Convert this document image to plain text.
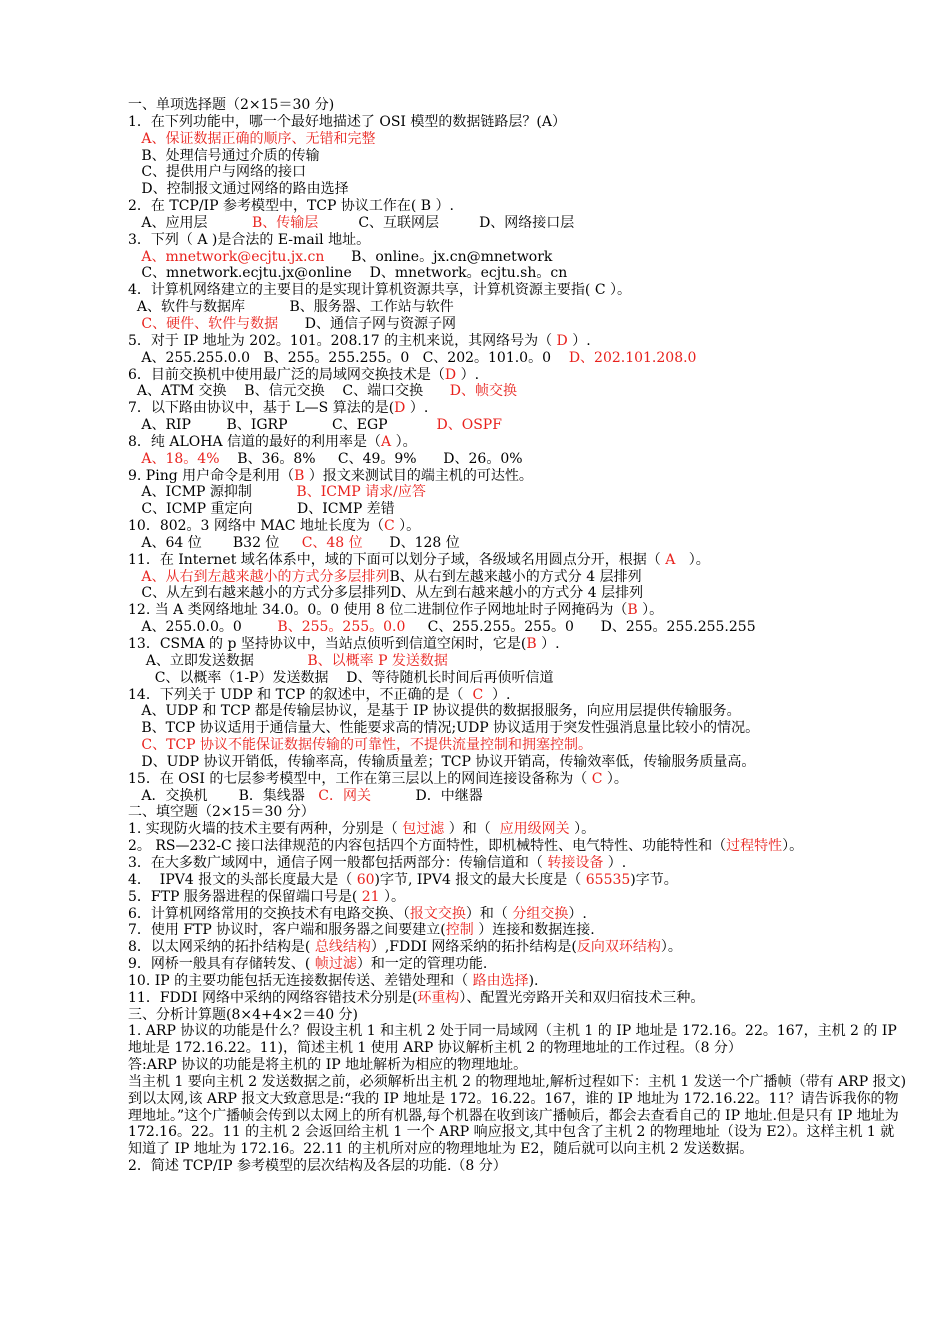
一、单项选择题（2×15＝30 分)
1．在下列功能中，哪一个最好地描述了 OSI 模型的数据链路层？(A）
A、保证数据正确的顺序、无错和完整
B、处理信号通过介质的传输
C、提供用户与网络的接口
D、控制报文通过网络的路由选择
2．在 TCP/IP 参考模型中，TCP 协议工作在( B ）.
A、应用层          B、传输层         C、互联网层         D、网络接口层
3．下列（ A )是合法的 E-mail 地址。
A、mnetwork@ecjtu.jx.cn      B、online。jx.cn@mnetwork
C、mnetwork.ecjtu.jx@online    D、mnetwork。ecjtu.sh。cn
4．计算机网络建立的主要目的是实现计算机资源共享，计算机资源主要指( C ）。
A、软件与数据库          B、服务器、工作站与软件
C、硬件、软件与数据      D、通信子网与资源子网
5．对于 IP 地址为 202。101。208.17 的主机来说，其网络号为（ D ）.
A、255.255.0.0   B、255。255.255。0   C、202。101.0。0    D、202.101.208.0
6．目前交换机中使用最广泛的局域网交换技术是（D ）.
A、ATM 交换    B、信元交换    C、端口交换      D、帧交换
7．以下路由协议中，基于 L—S 算法的是(D ）.
A、RIP        B、IGRP          C、EGP           D、OSPF
8．纯 ALOHA 信道的最好的利用率是（A ）。
A、18。4%    B、36。8%     C、49。9%      D、26。0%
9. Ping 用户命令是利用（B ）报文来测试目的端主机的可达性。
A、ICMP 源抑制          B、ICMP 请求/应答
C、ICMP 重定向          D、ICMP 差错
10．802。3 网络中 MAC 地址长度为（C ）。
A、64 位       B32 位     C、48 位      D、128 位
11．在 Internet 域名体系中，域的下面可以划分子域，各级域名用圆点分开，根据（ A   ）。
A、从右到左越来越小的方式分多层排列B、从右到左越来越小的方式分 4 层排列
C、从左到右越来越小的方式分多层排列D、从左到右越来越小的方式分 4 层排列
12. 当 A 类网络地址 34.0。0。0 使用 8 位二进制位作子网地址时子网掩码为（B ）。
A、255.0.0。0        B、255。255。0.0     C、255.255。255。0      D、255。255.255.255
13．CSMA 的 p 坚持协议中，当站点侦听到信道空闲时，它是(B ）.
A、立即发送数据            B、以概率 P 发送数据
C、以概率（1-P）发送数据    D、等待随机长时间后再侦听信道
14．下列关于 UDP 和 TCP 的叙述中，不正确的是（  C  ）.
A、UDP 和 TCP 都是传输层协议，是基于 IP 协议提供的数据报服务，向应用层提供传输服务。
B、TCP 协议适用于通信量大、性能要求高的情况;UDP 协议适用于突发性强消息量比较小的情况。
C、TCP 协议不能保证数据传输的可靠性，不提供流量控制和拥塞控制。
D、UDP 协议开销低，传输率高，传输质量差；TCP 协议开销高，传输效率低，传输服务质量高。
15．在 OSI 的七层参考模型中，工作在第三层以上的网间连接设备称为（ C ）。
A．交换机       B．集线器   C．网关          D．中继器
二、填空题（2×15＝30 分）
1. 实现防火墙的技术主要有两种，分别是（ 包过滤 ）和（  应用级网关 ）。
2。 RS—232-C 接口法律规范的内容包括四个方面特性，即机械特性、电气特性、功能特性和（过程特性）。
3．在大多数广域网中，通信子网一般都包括两部分：传输信道和（ 转接设备 ）.
4．  IPV4 报文的头部长度最大是（ 60)字节, IPV4 报文的最大长度是（ 65535)字节。
5．FTP 服务器进程的保留端口号是( 21 ）。
6．计算机网络常用的交换技术有电路交换、（报文交换）和（ 分组交换）.
7．使用 FTP 协议时，客户端和服务器之间要建立(控制 ）连接和数据连接.
8．以太网采纳的拓扑结构是( 总线结构）,FDDI 网络采纳的拓扑结构是(反向双环结构）。
9．网桥一般具有存储转发、( 帧过滤）和一定的管理功能.
10. IP 的主要功能包括无连接数据传送、差错处理和（ 路由选择).
11．FDDI 网络中采纳的网络容错技术分别是(环重构）、配置光旁路开关和双归宿技术三种。
三、分析计算题(8×4+4×2＝40 分)
1. ARP 协议的功能是什么？假设主机 1 和主机 2 处于同一局域网（主机 1 的 IP 地址是 172.16。22。167，主机 2 的 IP 地址是 172.16.22。11)，简述主机 1 使用 ARP 协议解析主机 2 的物理地址的工作过程。（8 分）
答:ARP 协议的功能是将主机的 IP 地址解析为相应的物理地址。
当主机 1 要向主机 2 发送数据之前，必须解析出主机 2 的物理地址,解析过程如下：主机 1 发送一个广播帧（带有 ARP 报文)到以太网,该 ARP 报文大致意思是:“我的 IP 地址是 172。16.22。167，谁的 IP 地址为 172.16.22。11？请告诉我你的物理地址。”这个广播帧会传到以太网上的所有机器,每个机器在收到该广播帧后，都会去查看自己的 IP 地址.但是只有 IP 地址为 172.16。22。11 的主机 2 会返回给主机 1 一个 ARP 响应报文,其中包含了主机 2 的物理地址（设为 E2）。这样主机 1 就知道了 IP 地址为 172.16。22.11 的主机所对应的物理地址为 E2，随后就可以向主机 2 发送数据。
2．简述 TCP/IP 参考模型的层次结构及各层的功能.（8 分）
